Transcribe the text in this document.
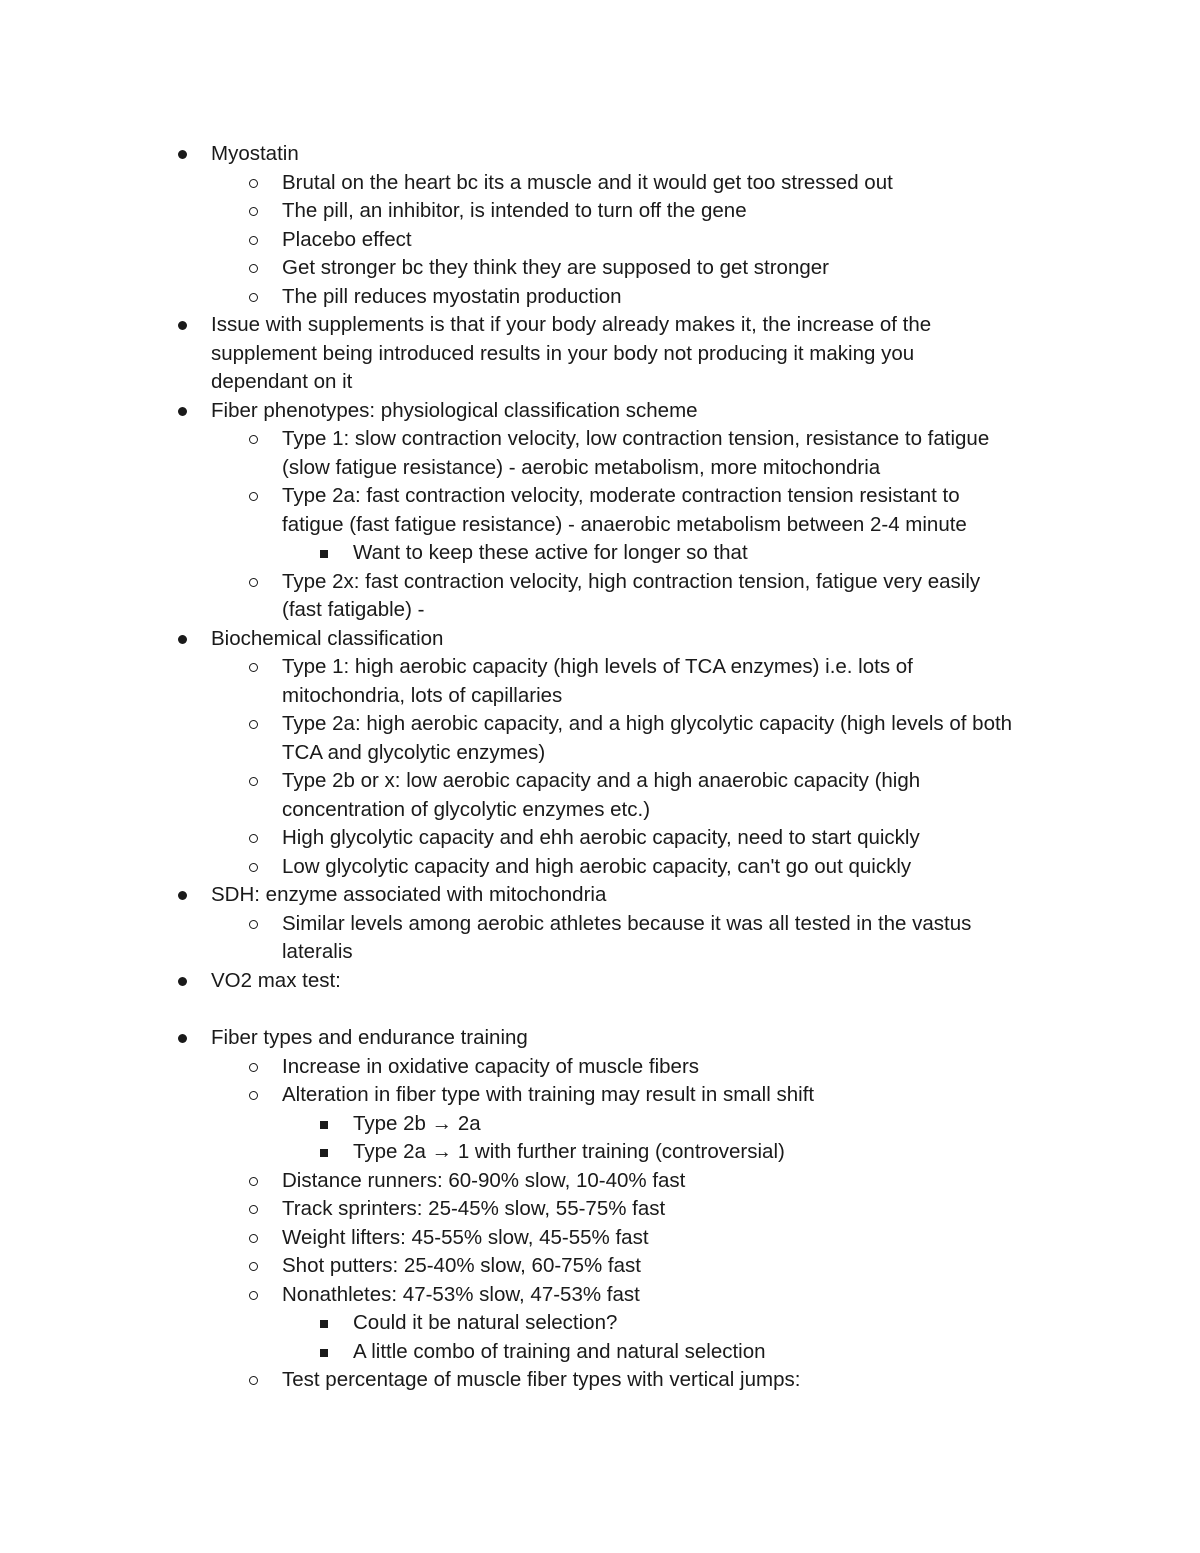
Myostatin
Brutal on the heart bc its a muscle and it would get too stressed out
The pill, an inhibitor, is intended to turn off the gene
Placebo effect
Get stronger bc they think they are supposed to get stronger
The pill reduces myostatin production
Issue with supplements is that if your body already makes it, the increase of the
supplement being introduced results in your body not producing it making you
dependant on it
Fiber phenotypes: physiological classification scheme
Type 1: slow contraction velocity, low contraction tension, resistance to fatigue
(slow fatigue resistance) - aerobic metabolism, more mitochondria
Type 2a: fast contraction velocity, moderate contraction tension resistant to
fatigue (fast fatigue resistance) - anaerobic metabolism between 2-4 minute
Want to keep these active for longer so that
Type 2x: fast contraction velocity, high contraction tension, fatigue very easily
(fast fatigable) -
Biochemical classification
Type 1: high aerobic capacity (high levels of TCA enzymes) i.e. lots of
mitochondria, lots of capillaries
Type 2a: high aerobic capacity, and a high glycolytic capacity (high levels of both
TCA and glycolytic enzymes)
Type 2b or x: low aerobic capacity and a high anaerobic capacity (high
concentration of glycolytic enzymes etc.)
High glycolytic capacity and ehh aerobic capacity, need to start quickly
Low glycolytic capacity and high aerobic capacity, can't go out quickly
SDH: enzyme associated with mitochondria
Similar levels among aerobic athletes because it was all tested in the vastus
lateralis
VO2 max test:
Fiber types and endurance training
Increase in oxidative capacity of muscle fibers
Alteration in fiber type with training may result in small shift
Type 2b → 2a
Type 2a → 1 with further training (controversial)
Distance runners: 60-90% slow, 10-40% fast
Track sprinters: 25-45% slow, 55-75% fast
Weight lifters: 45-55% slow, 45-55% fast
Shot putters: 25-40% slow, 60-75% fast
Nonathletes: 47-53% slow, 47-53% fast
Could it be natural selection?
A little combo of training and natural selection
Test percentage of muscle fiber types with vertical jumps:
